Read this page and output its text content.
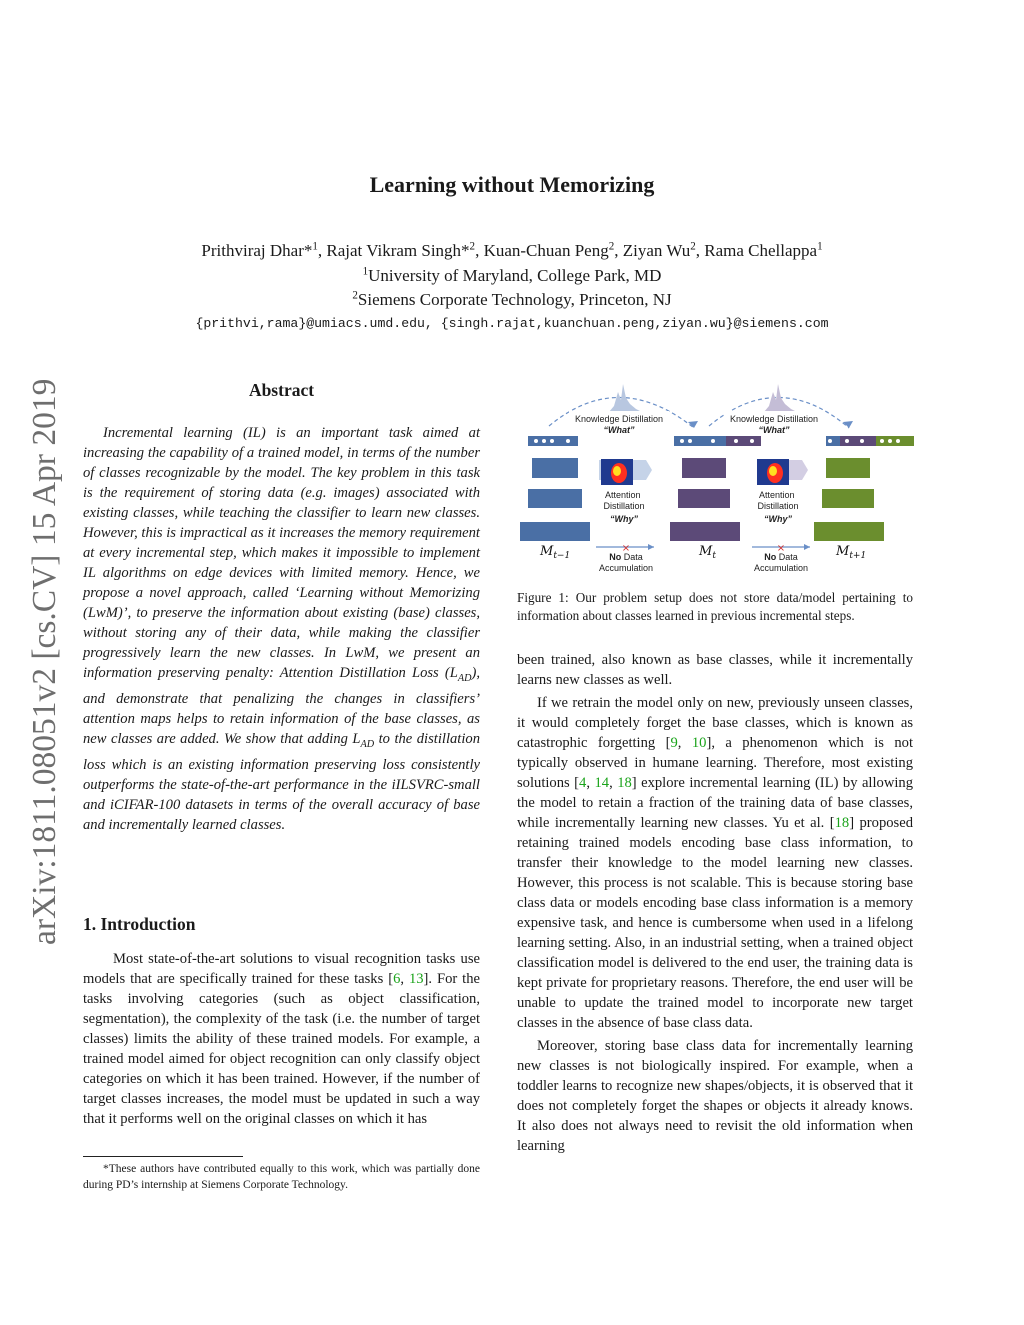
arXiv:1811.08051v2 [cs.CV] 15 Apr 2019
Learning without Memorizing
Prithviraj Dhar*$^1$, Rajat Vikram Singh*$^2$, Kuan-Chuan Peng$^2$, Ziyan Wu$^2$, Rama Chellappa$^1$
$^1$University of Maryland, College Park, MD
$^2$Siemens Corporate Technology, Princeton, NJ
{prithvi,rama}@umiacs.umd.edu, {singh.rajat,kuanchuan.peng,ziyan.wu}@siemens.com
Abstract

Incremental learning (IL) is an important task aimed at increasing the capability of a trained model, in terms of the number of classes recognizable by the model. The key problem in this task is the requirement of storing data (e.g. images) associated with existing classes, while teaching the classifier to learn new classes. However, this is impractical as it increases the memory requirement at every incremental step, which makes it impossible to implement IL algorithms on edge devices with limited memory. Hence, we propose a novel approach, called ‘Learning without Memorizing (LwM)’, to preserve the information about existing (base) classes, without storing any of their data, while making the classifier progressively learn the new classes. In LwM, we present an information preserving penalty: Attention Distillation Loss $(L_{AD})$, and demonstrate that penalizing the changes in classifiers’ attention maps helps to retain information of the base classes, as new classes are added. We show that adding $L_{AD}$ to the distillation loss which is an existing information preserving loss consistently outperforms the state-of-the-art performance in the iILSVRC-small and iCIFAR-100 datasets in terms of the overall accuracy of base and incrementally learned classes.

1. Introduction

Most state-of-the-art solutions to visual recognition tasks use models that are specifically trained for these tasks [6, 13]. For the tasks involving categories (such as object classification, segmentation), the complexity of the task (i.e. the number of target classes) limits the ability of these trained models. For example, a trained model aimed for object recognition can only classify object categories on which it has been trained. However, if the number of target classes increases, the model must be updated in such a way that it performs well on the original classes on which it has

*These authors have contributed equally to this work, which was partially done during PD’s internship at Siemens Corporate Technology.

Knowledge Distillation
“What”
Knowledge Distillation
“What”
Attention Distillation
“Why”
Attention Distillation
“Why”
$M_{t-1}$	$M_t$	$M_{t+1}$
×	×
No Data
Accumulation
No Data
Accumulation

Figure 1: Our problem setup does not store data/model pertaining to information about classes learned in previous incremental steps.

been trained, also known as base classes, while it incrementally learns new classes as well.

If we retrain the model only on new, previously unseen classes, it would completely forget the base classes, which is known as catastrophic forgetting [9, 10], a phenomenon which is not typically observed in humane learning. Therefore, most existing solutions [4, 14, 18] explore incremental learning (IL) by allowing the model to retain a fraction of the training data of base classes, while incrementally learning new classes. Yu et al. [18] proposed retaining trained models encoding base class information, to transfer their knowledge to the model learning new classes. However, this process is not scalable. This is because storing base class data or models encoding base class information is a memory expensive task, and hence is cumbersome when used in a lifelong learning setting. Also, in an industrial setting, when a trained object classification model is delivered to the end user, the training data is kept private for proprietary reasons. Therefore, the end user will be unable to update the trained model to incorporate new target classes in the absence of base class data.

Moreover, storing base class data for incrementally learning new classes is not biologically inspired. For example, when a toddler learns to recognize new shapes/objects, it is observed that it does not completely forget the shapes or objects it already knows. It also does not always need to revisit the old information when learning
